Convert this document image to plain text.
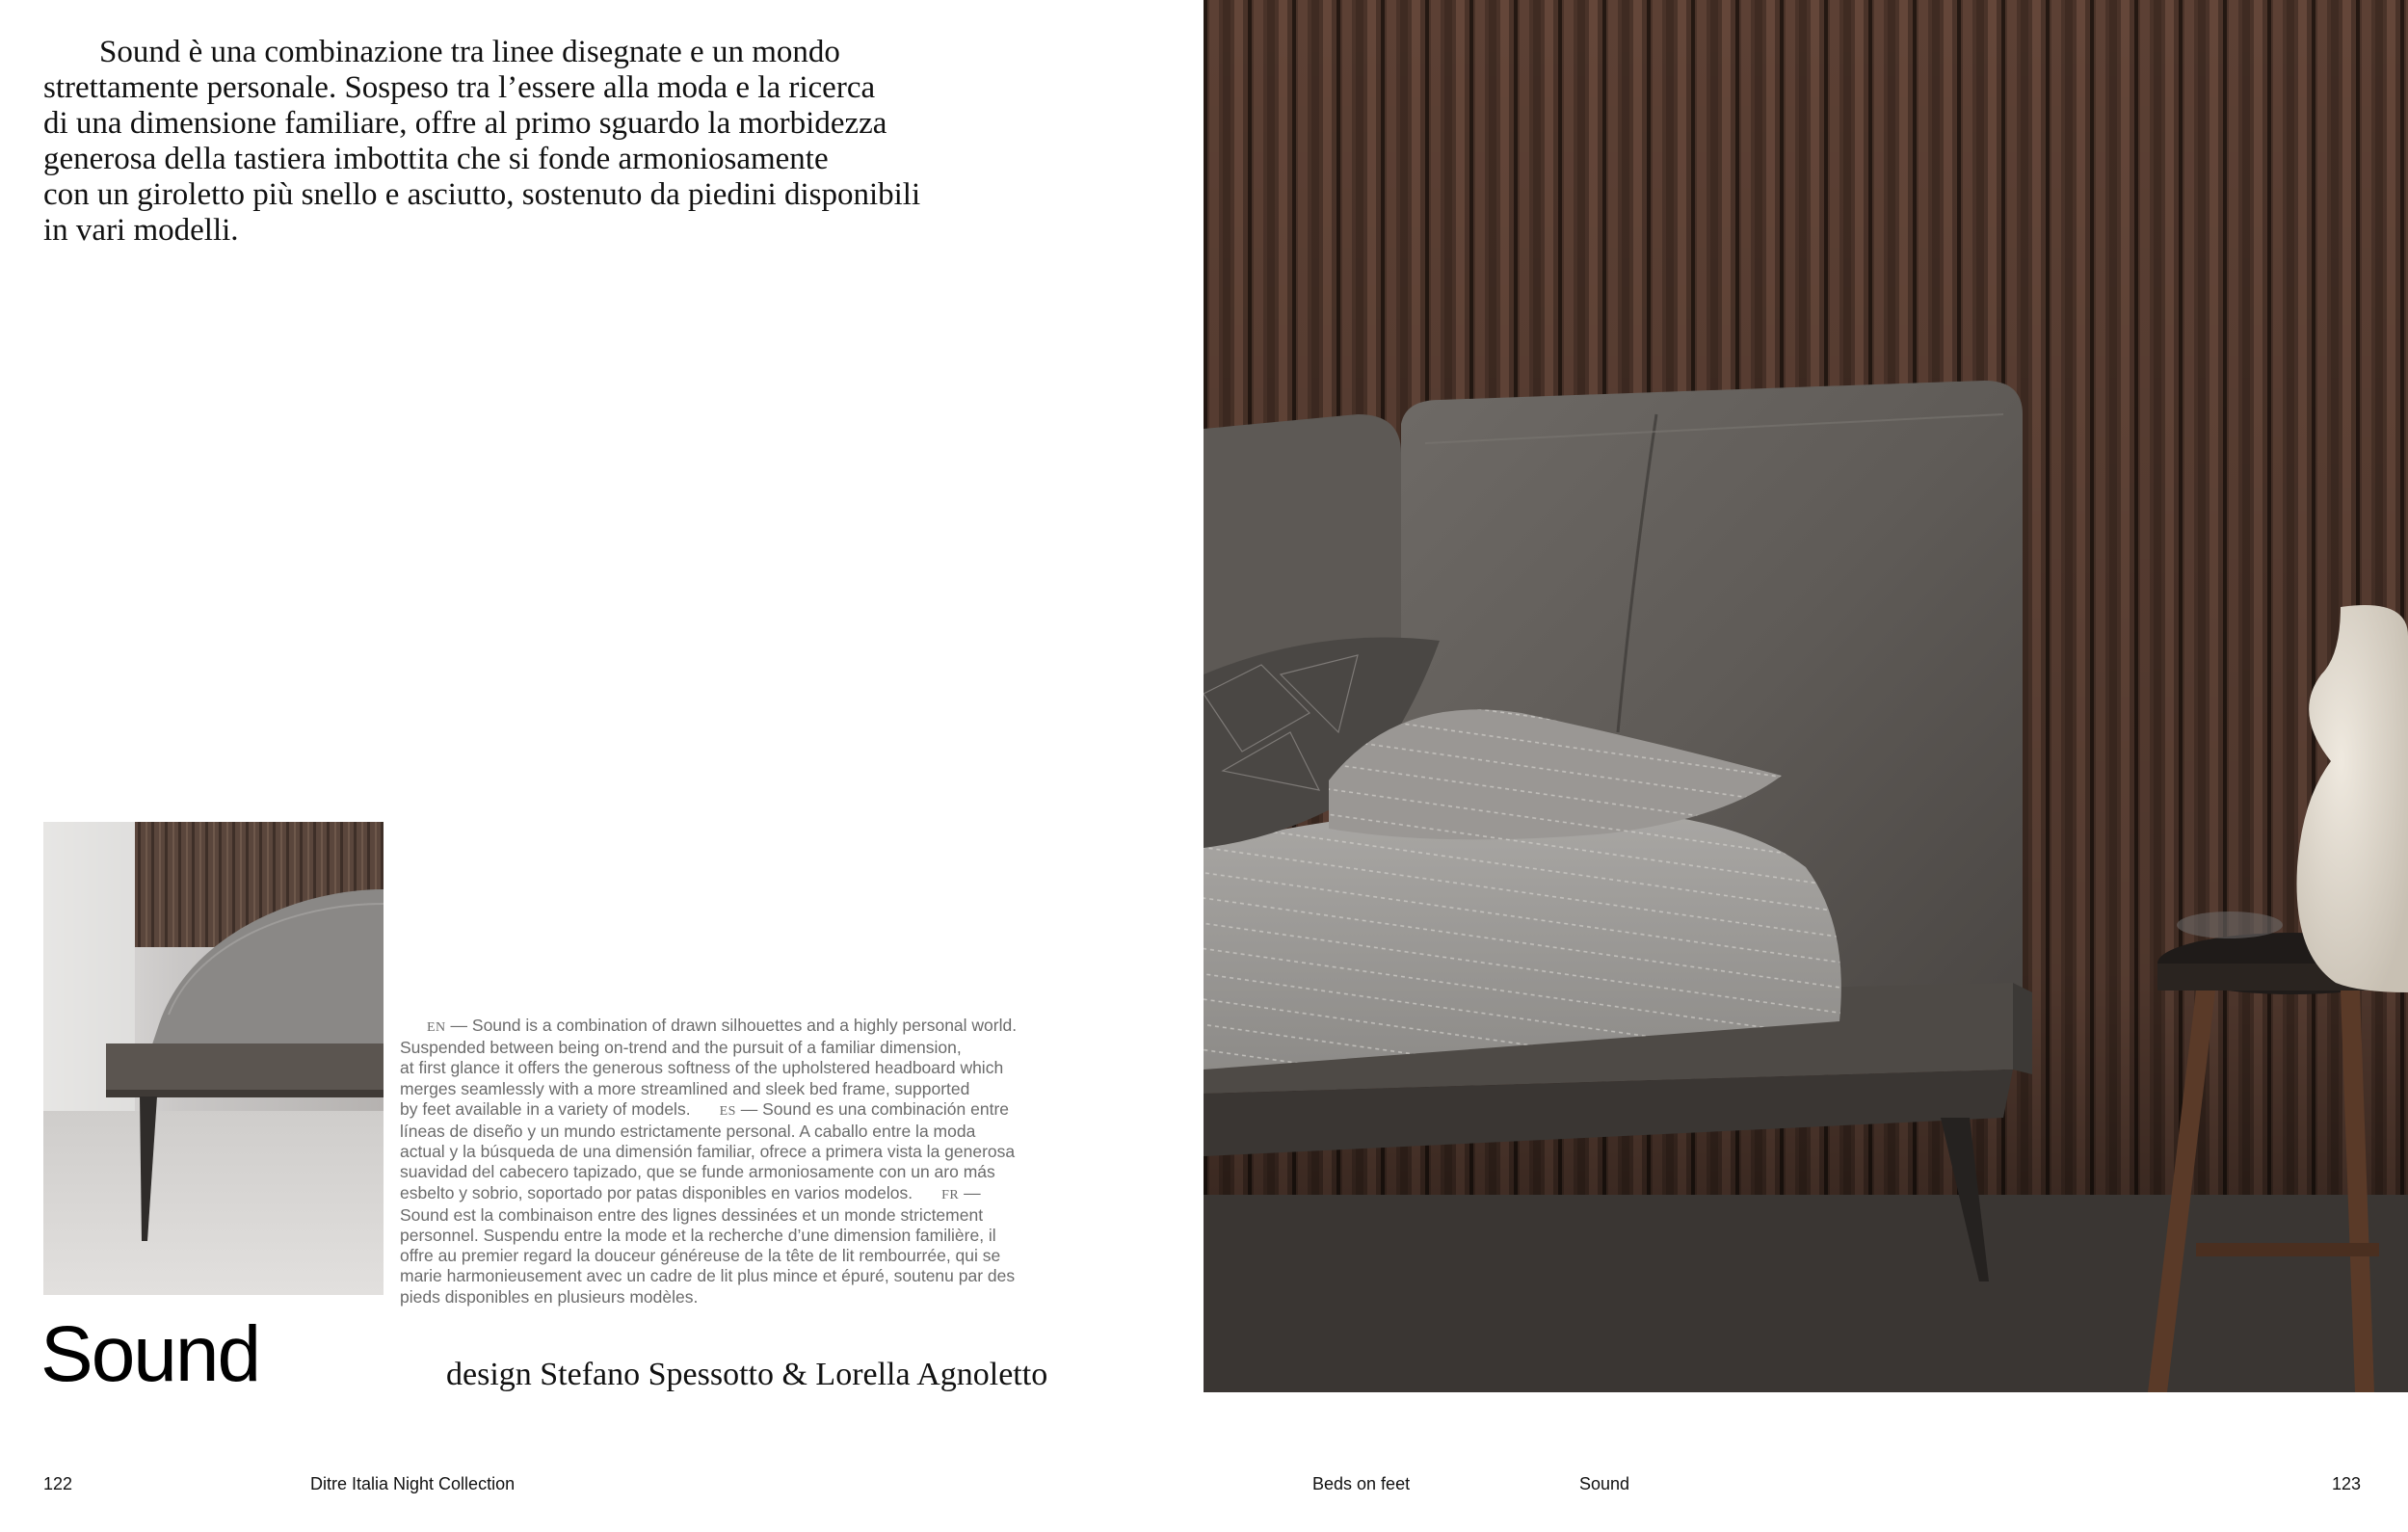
Sound è una combinazione tra linee disegnate e un mondo
strettamente personale. Sospeso tra l’essere alla moda e la ricerca
di una dimensione familiare, offre al primo sguardo la morbidezza
generosa della tastiera imbottita che si fonde armoniosamente
con un giroletto più snello e asciutto, sostenuto da piedini disponibili
in vari modelli.
EN — Sound is a combination of drawn silhouettes and a highly personal world.
Suspended between being on-trend and the pursuit of a familiar dimension,
at first glance it offers the generous softness of the upholstered headboard which
merges seamlessly with a more streamlined and sleek bed frame, supported
by feet available in a variety of models. ES — Sound es una combinación entre
líneas de diseño y un mundo estrictamente personal. A caballo entre la moda
actual y la búsqueda de una dimensión familiar, ofrece a primera vista la generosa
suavidad del cabecero tapizado, que se funde armoniosamente con un aro más
esbelto y sobrio, soportado por patas disponibles en varios modelos. FR —
Sound est la combinaison entre des lignes dessinées et un monde strictement
personnel. Suspendu entre la mode et la recherche d’une dimension familière, il
offre au premier regard la douceur généreuse de la tête de lit rembourrée, qui se
marie harmonieusement avec un cadre de lit plus mince et épuré, soutenu par des
pieds disponibles en plusieurs modèles.
Sound	design Stefano Spessotto & Lorella Agnoletto
122	Ditre Italia Night Collection	Beds on feet	Sound	123
